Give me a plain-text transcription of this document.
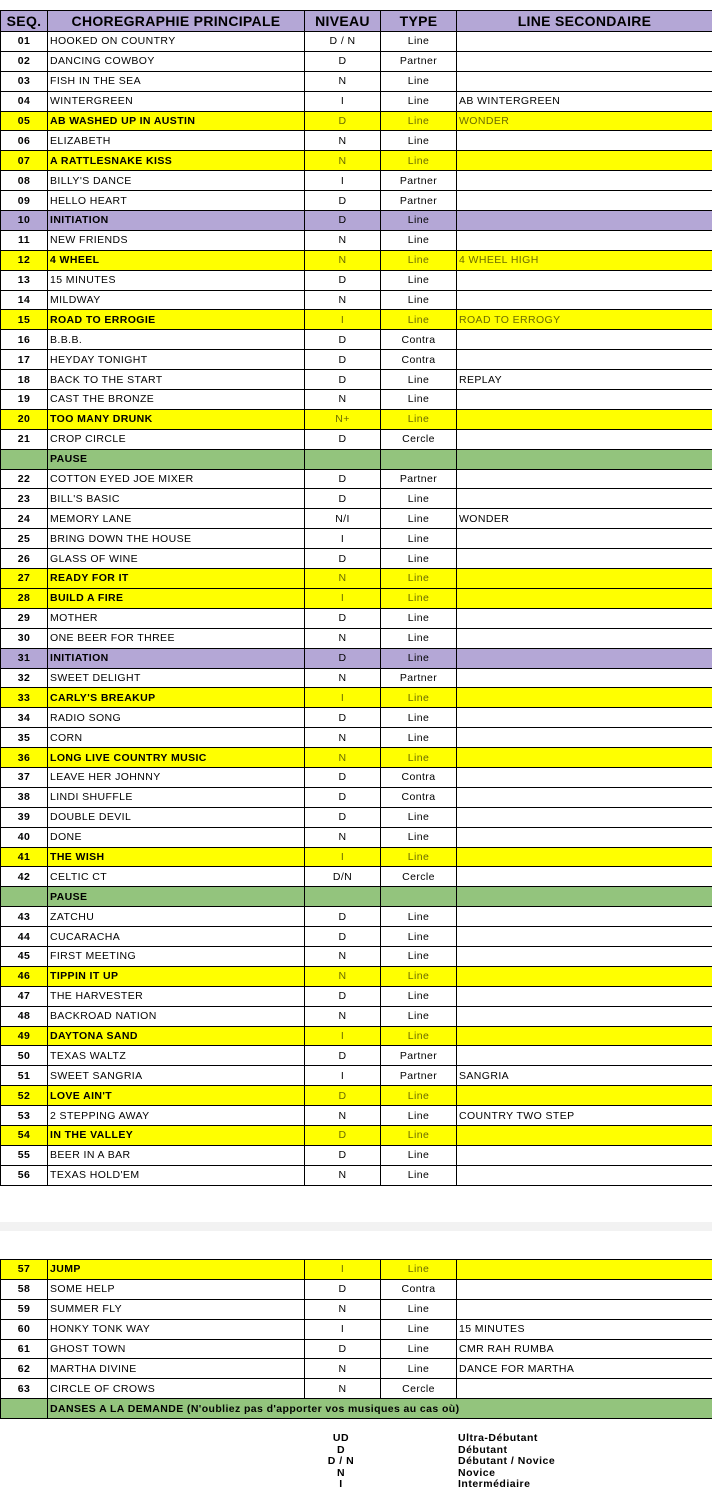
SEQ.	CHOREGRAPHIE PRINCIPALE	NIVEAU	TYPE	LINE SECONDAIRE
01	HOOKED ON COUNTRY	D / N	Line	
02	DANCING COWBOY	D	Partner	
03	FISH IN THE SEA	N	Line	
04	WINTERGREEN	I	Line	AB WINTERGREEN
05	AB WASHED UP IN AUSTIN	D	Line	WONDER
06	ELIZABETH	N	Line	
07	A RATTLESNAKE KISS	N	Line	
08	BILLY'S DANCE	I	Partner	
09	HELLO HEART	D	Partner	
10	INITIATION	D	Line	
11	NEW FRIENDS	N	Line	
12	4 WHEEL	N	Line	4 WHEEL HIGH
13	15 MINUTES	D	Line	
14	MILDWAY	N	Line	
15	ROAD TO ERROGIE	I	Line	ROAD TO ERROGY
16	B.B.B.	D	Contra	
17	HEYDAY TONIGHT	D	Contra	
18	BACK TO THE START	D	Line	REPLAY
19	CAST THE BRONZE	N	Line	
20	TOO MANY DRUNK	N+	Line	
21	CROP CIRCLE	D	Cercle	
	PAUSE			
22	COTTON EYED JOE MIXER	D	Partner	
23	BILL'S BASIC	D	Line	
24	MEMORY LANE	N/I	Line	WONDER
25	BRING DOWN THE HOUSE	I	Line	
26	GLASS OF WINE	D	Line	
27	READY FOR IT	N	Line	
28	BUILD A FIRE	I	Line	
29	MOTHER	D	Line	
30	ONE BEER FOR THREE	N	Line	
31	INITIATION	D	Line	
32	SWEET DELIGHT	N	Partner	
33	CARLY'S BREAKUP	I	Line	
34	RADIO SONG	D	Line	
35	CORN	N	Line	
36	LONG LIVE COUNTRY MUSIC	N	Line	
37	LEAVE HER JOHNNY	D	Contra	
38	LINDI SHUFFLE	D	Contra	
39	DOUBLE DEVIL	D	Line	
40	DONE	N	Line	
41	THE WISH	I	Line	
42	CELTIC CT	D/N	Cercle	
	PAUSE			
43	ZATCHU	D	Line	
44	CUCARACHA	D	Line	
45	FIRST MEETING	N	Line	
46	TIPPIN IT UP	N	Line	
47	THE HARVESTER	D	Line	
48	BACKROAD NATION	N	Line	
49	DAYTONA SAND	I	Line	
50	TEXAS WALTZ	D	Partner	
51	SWEET SANGRIA	I	Partner	SANGRIA
52	LOVE AIN'T	D	Line	
53	2 STEPPING AWAY	N	Line	COUNTRY TWO STEP
54	IN THE VALLEY	D	Line	
55	BEER IN A BAR	D	Line	
56	TEXAS HOLD'EM	N	Line	
57	JUMP	I	Line	
58	SOME HELP	D	Contra	
59	SUMMER FLY	N	Line	
60	HONKY TONK WAY	I	Line	15 MINUTES
61	GHOST TOWN	D	Line	CMR RAH RUMBA
62	MARTHA DIVINE	N	Line	DANCE FOR MARTHA
63	CIRCLE OF CROWS	N	Cercle	
	DANSES A LA DEMANDE (N'oubliez pas d'apporter vos musiques au cas où)			
UD	Ultra-Débutant
D	Débutant
D / N	Débutant / Novice
N	Novice
I	Intermédiaire
